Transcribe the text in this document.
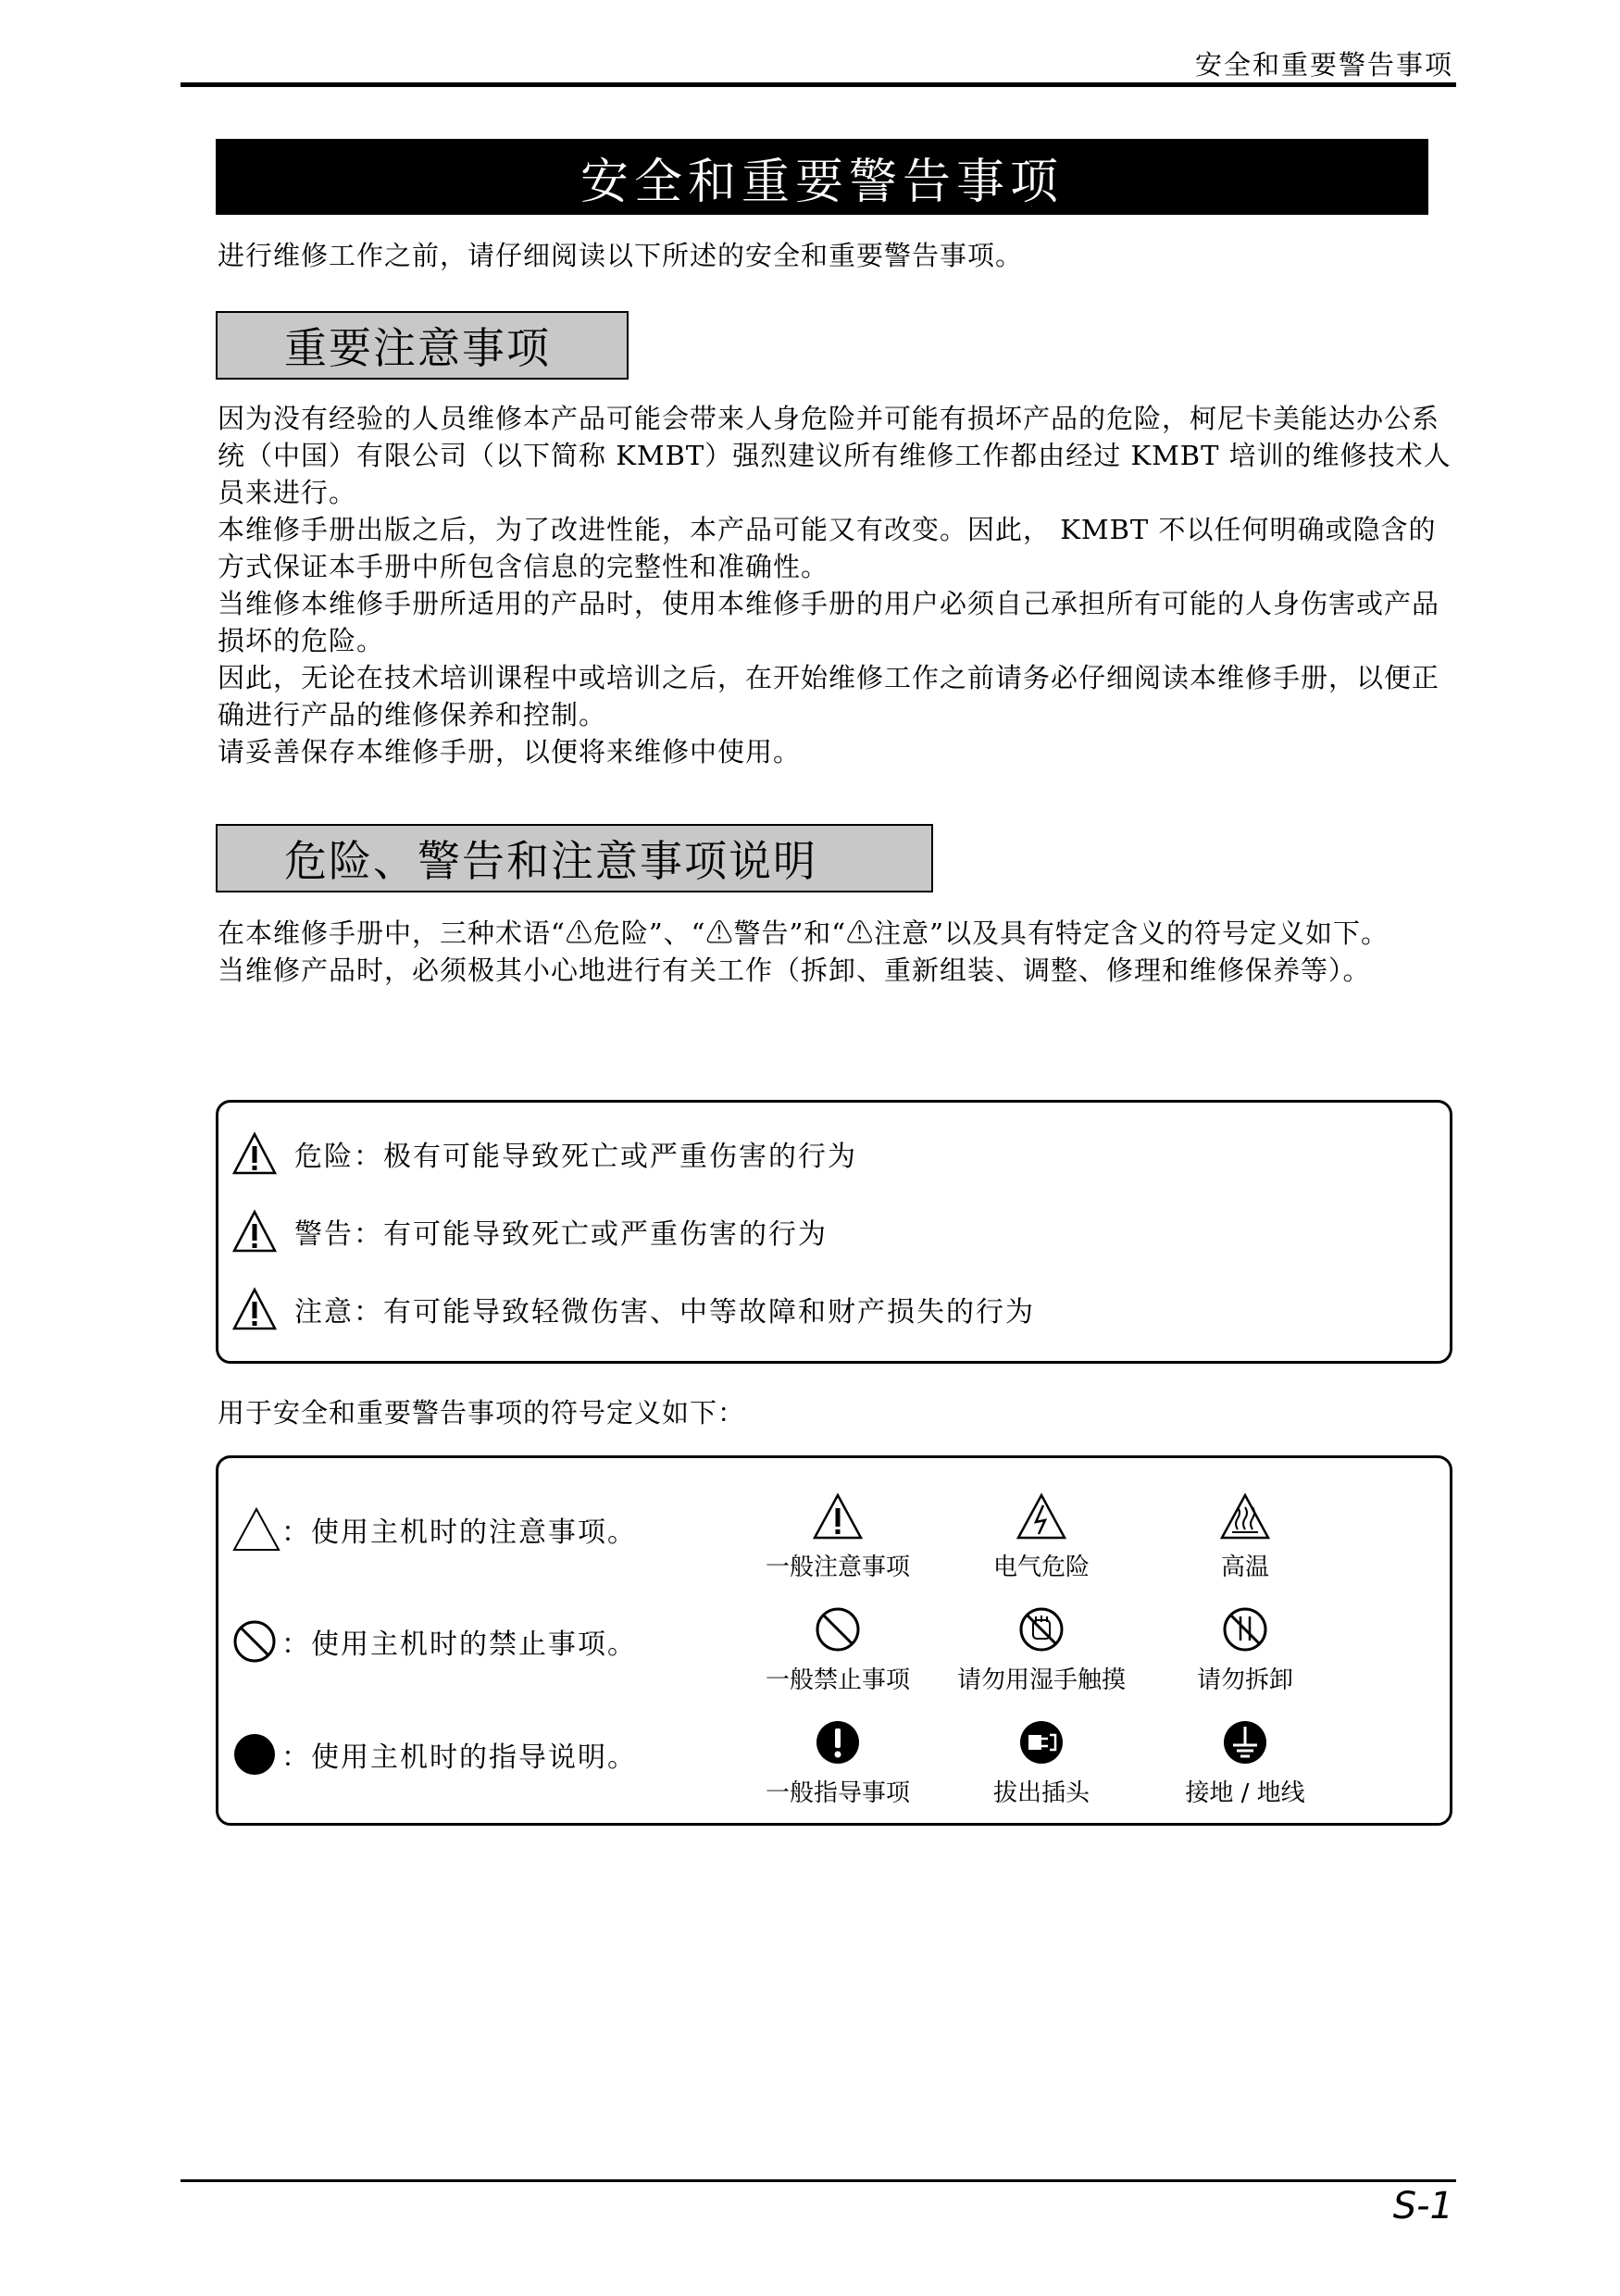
安全和重要警告事项
安全和重要警告事项
进行维修工作之前，请仔细阅读以下所述的安全和重要警告事项。
重要注意事项

因为没有经验的人员维修本产品可能会带来人身危险并可能有损坏产品的危险，柯尼卡美能达办公系统（中国）有限公司（以下简称 KMBT）强烈建议所有维修工作都由经过 KMBT 培训的维修技术人员来进行。

本维修手册出版之后，为了改进性能，本产品可能又有改变。因此， KMBT 不以任何明确或隐含的方式保证本手册中所包含信息的完整性和准确性。

当维修本维修手册所适用的产品时，使用本维修手册的用户必须自己承担所有可能的人身伤害或产品损坏的危险。

因此，无论在技术培训课程中或培训之后，在开始维修工作之前请务必仔细阅读本维修手册，以便正确进行产品的维修保养和控制。

请妥善保存本维修手册，以便将来维修中使用。

危险、警告和注意事项说明

在本维修手册中，三种术语“⚠危险”、“⚠警告”和“⚠注意”以及具有特定含义的符号定义如下。

当维修产品时，必须极其小心地进行有关工作（拆卸、重新组装、调整、修理和维修保养等）。

危险：极有可能导致死亡或严重伤害的行为
警告：有可能导致死亡或严重伤害的行为
注意：有可能导致轻微伤害、中等故障和财产损失的行为
用于安全和重要警告事项的符号定义如下：
：使用主机时的注意事项。
一般注意事项	电气危险	高温
：使用主机时的禁止事项。
一般禁止事项	请勿用湿手触摸	请勿拆卸
：使用主机时的指导说明。
一般指导事项	拔出插头	接地 / 地线
S-1
